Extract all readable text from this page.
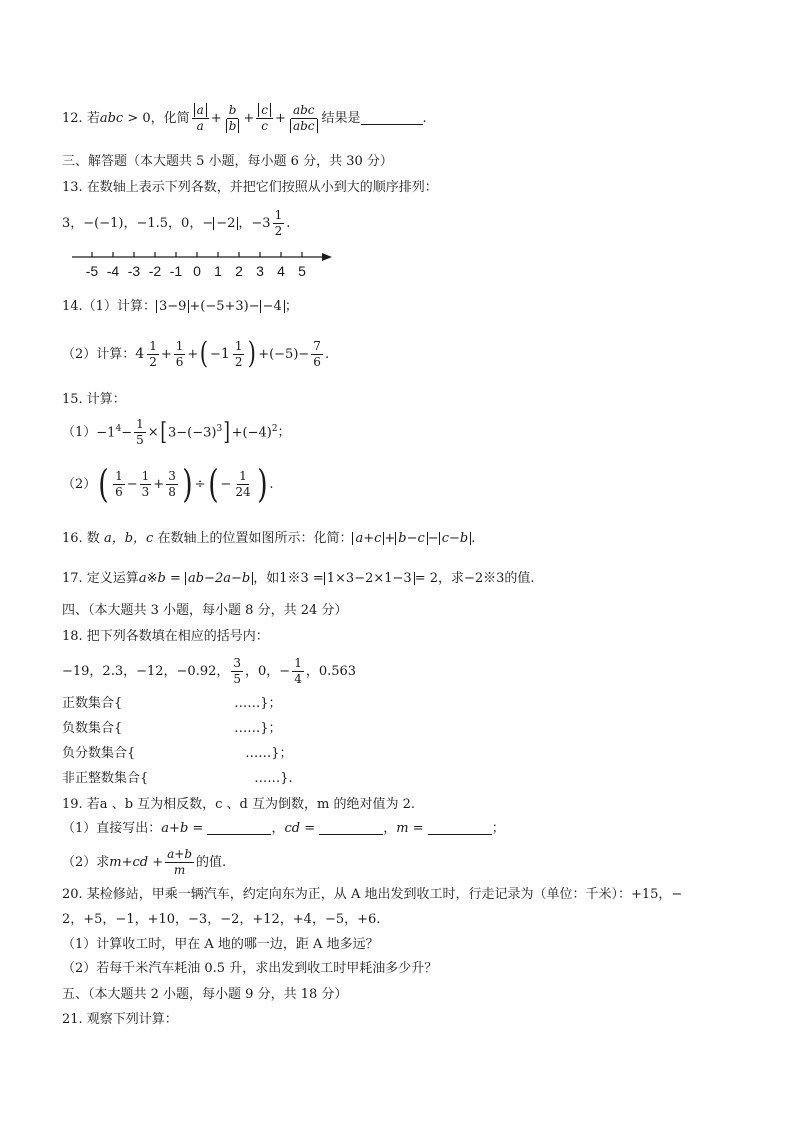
12.
若 abc
> 0，化简 $\frac{a}{a} + \frac{b}{b} + \frac{c}{c} + \frac{\text{abc}}{\text{abc}}$ 结果是	.
三、解答题（本大题共 5 小题，每小题 6 分，共 30 分）
13. 在数轴上表示下列各数，并把它们按照从小到大的顺序排列：
3，− (−1) ，−1.5，0，− −2 ，$-3 \frac{1}{2}$ .
-5 -4 -3 -2 -1 0 1 2 3 4 5
14.（1）计算： 3−9 +(−5+3)− −4 ；
（2）计算： $4 \frac{1}{2} + \frac{1}{6}$ + ( − $1 \frac{1}{2}$ ) $+(-5)- \frac{7}{6}$ .
15. 计算：
$(1) -1^4- \frac{1}{5}$ × [ $3-(-3)^3$ ] $+(-4)^2$ ；
（2） ( $\frac{1}{6} - \frac{1}{3} + \frac{3}{8}$ ) ÷ ( − $\frac{1}{24}$ ) .
16. 数 a，b，c 在数轴上的位置如图所示：化简： a+c + b−c − c−b .
17. 定义运算 a ※ b = ab−2a−b ，如1※3 = 1×3−2×1−3 = 2，求−2※3的值.
四、（本大题共 3 小题，每小题 8 分，共 24 分）
18. 把下列各数填在相应的括号内：
−19，2.3，−12，−0.92， $\frac{3}{5}$ ，0，− $\frac{1}{4}$ ，0.563
正数集合{	……}；
负数集合{	……}；
负分数集合{	……}；
非正整数集合{	……}.
19. 若a 、b 互为相反数，c 、d 互为倒数，m 的绝对值为 2.
（1）直接写出： a + b =	， cd =	， m =	；
（2）求 m + cd + $\frac{a+b}{m}$ 的值.
20. 某检修站，甲乘一辆汽车，约定向东为正，从 A 地出发到收工时，行走记录为（单位：千米）：+15，−
2，+5，−1，+10，−3，−2，+12，+4，−5，+6.
（1）计算收工时，甲在 A 地的哪一边，距 A 地多远？
（2）若每千米汽车耗油 0.5 升，求出发到收工时甲耗油多少升？
五、（本大题共 2 小题，每小题 9 分，共 18 分）
21. 观察下列计算：
